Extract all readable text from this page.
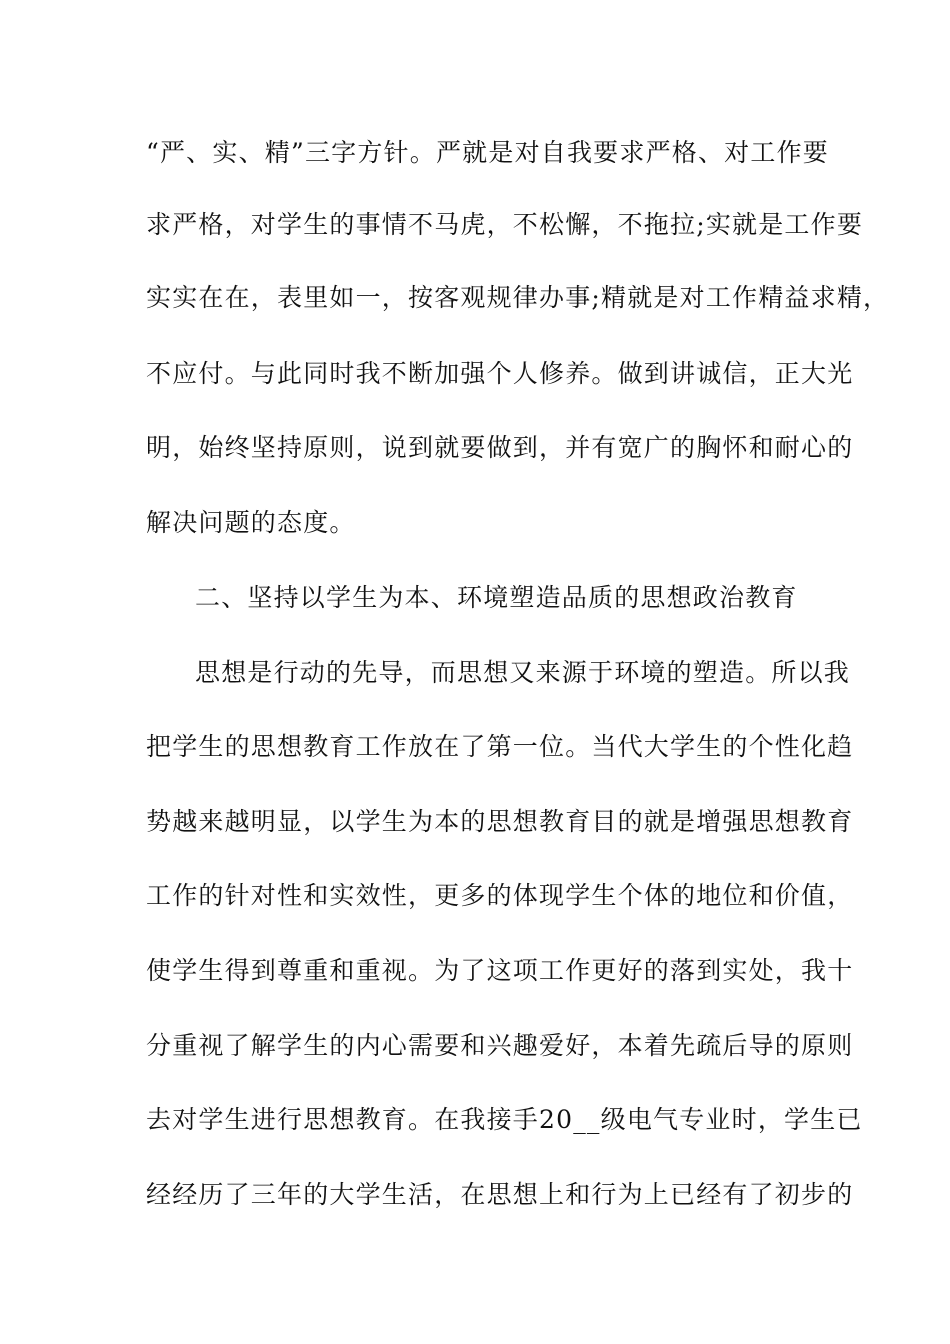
“严、实、精”三字方针。严就是对自我要求严格、对工作要
求严格，对学生的事情不马虎，不松懈，不拖拉;实就是工作要
实实在在，表里如一，按客观规律办事;精就是对工作精益求精，
不应付。与此同时我不断加强个人修养。做到讲诚信，正大光
明，始终坚持原则，说到就要做到，并有宽广的胸怀和耐心的
解决问题的态度。
二、坚持以学生为本、环境塑造品质的思想政治教育
思想是行动的先导，而思想又来源于环境的塑造。所以我
把学生的思想教育工作放在了第一位。当代大学生的个性化趋
势越来越明显，以学生为本的思想教育目的就是增强思想教育
工作的针对性和实效性，更多的体现学生个体的地位和价值，
使学生得到尊重和重视。为了这项工作更好的落到实处，我十
分重视了解学生的内心需要和兴趣爱好，本着先疏后导的原则
去对学生进行思想教育。在我接手20__级电气专业时，学生已
经经历了三年的大学生活，在思想上和行为上已经有了初步的
